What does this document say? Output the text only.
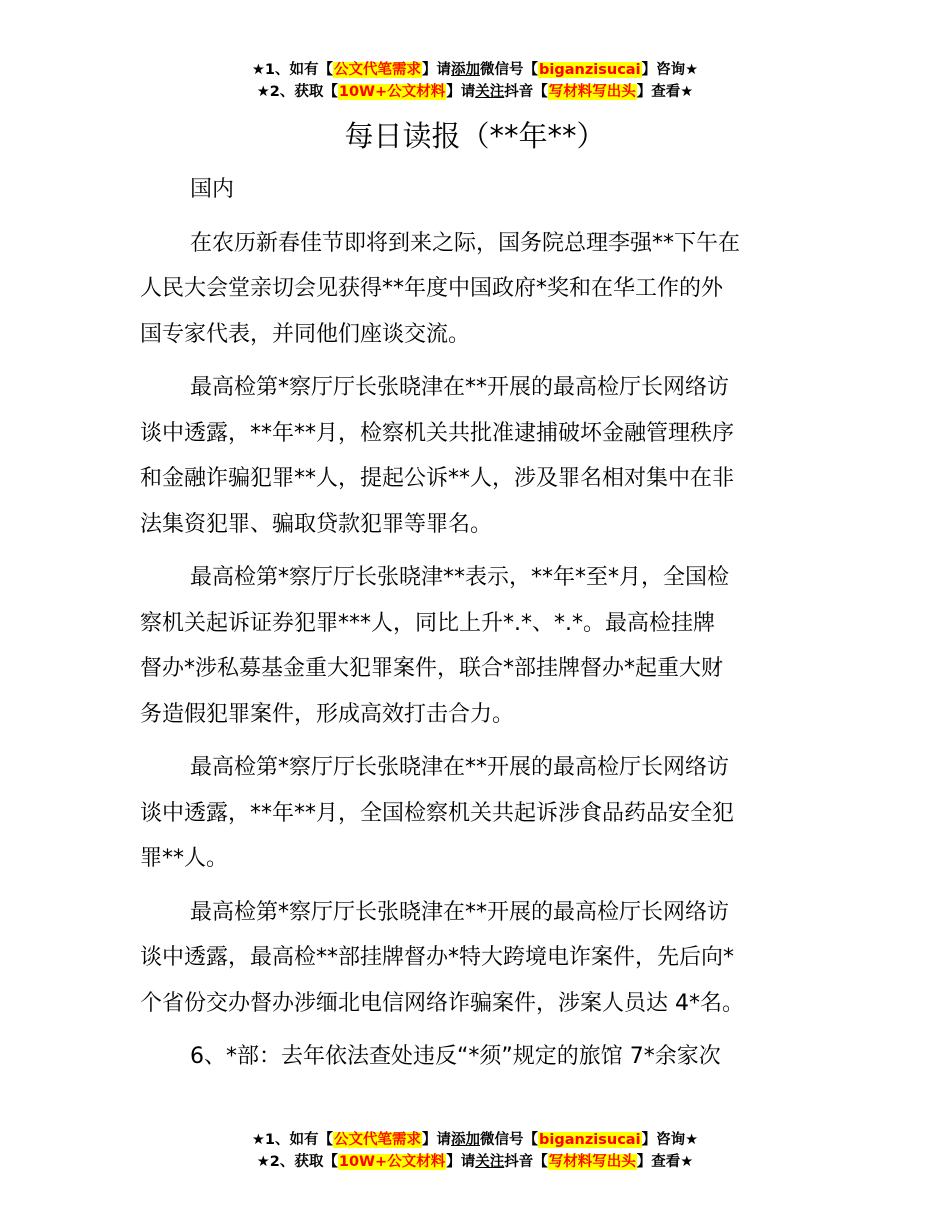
★1、如有【公文代笔需求】请添加微信号【biganzisucai】咨询★
★2、获取【10W+公文材料】请关注抖音【写材料写出头】查看★
每日读报（**年**）

国内

在农历新春佳节即将到来之际，国务院总理李强**下午在

人民大会堂亲切会见获得**年度中国政府*奖和在华工作的外

国专家代表，并同他们座谈交流。

最高检第*察厅厅长张晓津在**开展的最高检厅长网络访

谈中透露，**年**月，检察机关共批准逮捕破坏金融管理秩序

和金融诈骗犯罪**人，提起公诉**人，涉及罪名相对集中在非

法集资犯罪、骗取贷款犯罪等罪名。

最高检第*察厅厅长张晓津**表示，**年*至*月，全国检

察机关起诉证券犯罪***人，同比上升*.*、*.*。最高检挂牌

督办*涉私募基金重大犯罪案件，联合*部挂牌督办*起重大财

务造假犯罪案件，形成高效打击合力。

最高检第*察厅厅长张晓津在**开展的最高检厅长网络访

谈中透露，**年**月，全国检察机关共起诉涉食品药品安全犯

罪**人。

最高检第*察厅厅长张晓津在**开展的最高检厅长网络访

谈中透露，最高检**部挂牌督办*特大跨境电诈案件，先后向*

个省份交办督办涉缅北电信网络诈骗案件，涉案人员达 4*名。

6、*部：去年依法查处违反“*须”规定的旅馆 7*余家次

★1、如有【公文代笔需求】请添加微信号【biganzisucai】咨询★
★2、获取【10W+公文材料】请关注抖音【写材料写出头】查看★
